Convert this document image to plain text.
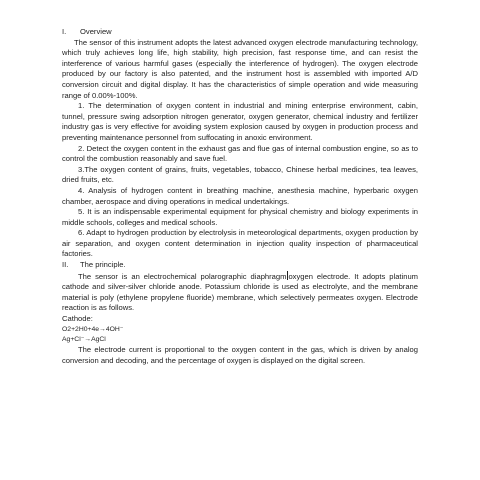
I.	Overview

The sensor of this instrument adopts the latest advanced oxygen electrode manufacturing technology, which truly achieves long life, high stability, high precision, fast response time, and can resist the interference of various harmful gases (especially the interference of hydrogen). The oxygen electrode produced by our factory is also patented, and the instrument host is assembled with imported A/D conversion circuit and digital display. It has the characteristics of simple operation and wide measuring range of 0.00%-100%.

1. The determination of oxygen content in industrial and mining enterprise environment, cabin, tunnel, pressure swing adsorption nitrogen generator, oxygen generator, chemical industry and fertilizer industry gas is very effective for avoiding system explosion caused by oxygen in production process and preventing maintenance personnel from suffocating in anoxic environment.

2. Detect the oxygen content in the exhaust gas and flue gas of internal combustion engine, so as to control the combustion reasonably and save fuel.

3.The oxygen content of grains, fruits, vegetables, tobacco, Chinese herbal medicines, tea leaves, dried fruits, etc.

4. Analysis of hydrogen content in breathing machine, anesthesia machine, hyperbaric oxygen chamber, aerospace and diving operations in medical undertakings.

5. It is an indispensable experimental equipment for physical chemistry and biology experiments in middle schools, colleges and medical schools.

6. Adapt to hydrogen production by electrolysis in meteorological departments, oxygen production by air separation, and oxygen content determination in injection quality inspection of pharmaceutical factories.

II.	The principle.

The sensor is an electrochemical polarographic diaphragm oxygen electrode. It adopts platinum cathode and silver-silver chloride anode. Potassium chloride is used as electrolyte, and the membrane material is poly (ethylene propylene fluoride) membrane, which selectively permeates oxygen. Electrode reaction is as follows.

Cathode:

O2+2H0+4e→4OH⁻

Ag+Cl⁻→AgCl

The electrode current is proportional to the oxygen content in the gas, which is driven by analog conversion and decoding, and the percentage of oxygen is displayed on the digital screen.
